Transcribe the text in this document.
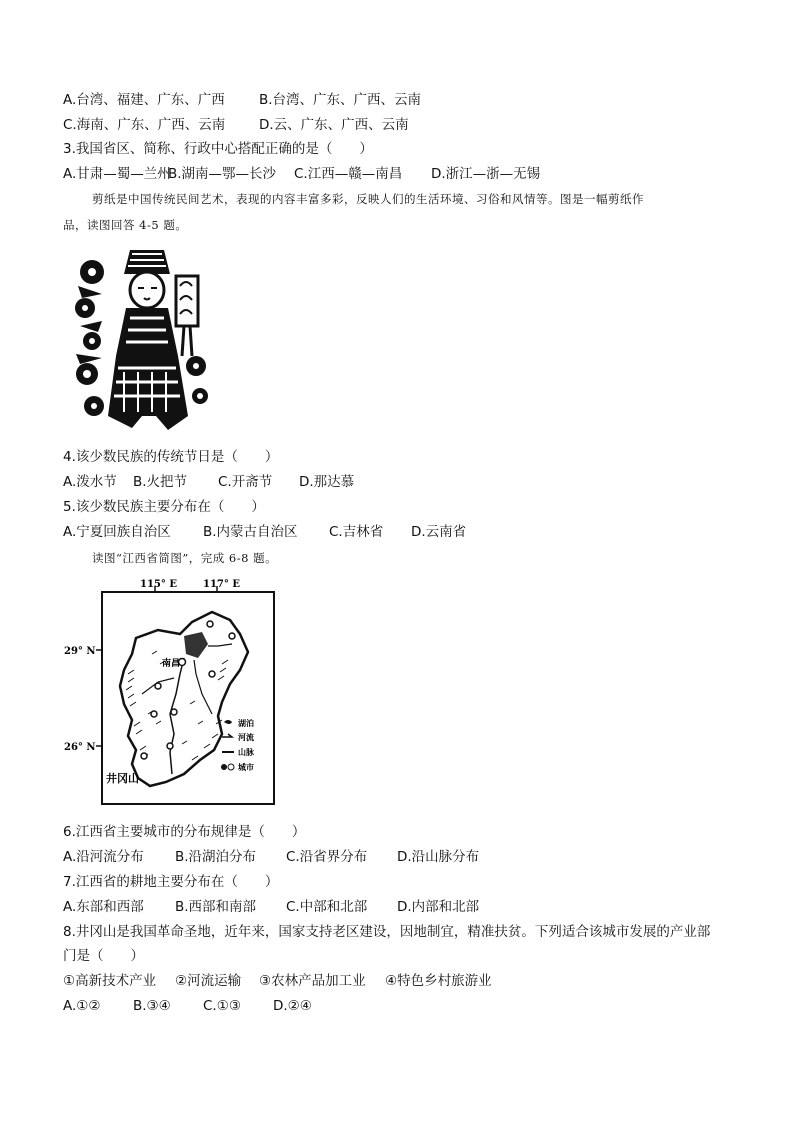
A.台湾、福建、广东、广西	B.台湾、广东、广西、云南
C.海南、广东、广西、云南	D.云、广东、广西、云南
3.我国省区、简称、行政中心搭配正确的是（　　）
A.甘肃—蜀—兰州B.湖南—鄂—长沙 C.江西—赣—南昌 D.浙江—浙—无锡
剪纸是中国传统民间艺术，表现的内容丰富多彩，反映人们的生活环境、习俗和风情等。图是一幅剪纸作
品，读图回答 4-5 题。
4.该少数民族的传统节日是（　　）
A.泼水节 B.火把节 C.开斋节 D.那达慕
5.该少数民族主要分布在（　　）
A.宁夏回族自治区 B.内蒙古自治区 C.吉林省 D.云南省
读图“江西省简图”，完成 6-8 题。
115° E	117° E
29° N
26° N
南昌
井冈山
湖泊
河流
山脉
城市
6.江西省主要城市的分布规律是（　　）
A.沿河流分布 B.沿湖泊分布 C.沿省界分布 D.沿山脉分布
7.江西省的耕地主要分布在（　　）
A.东部和西部 B.西部和南部 C.中部和北部 D.内部和北部
8.井冈山是我国革命圣地，近年来，国家支持老区建设，因地制宜，精准扶贫。下列适合该城市发展的产业部
门是（　　）
①高新技术产业 ②河流运输 ③农林产品加工业 ④特色乡村旅游业
A.①② B.③④ C.①③ D.②④
